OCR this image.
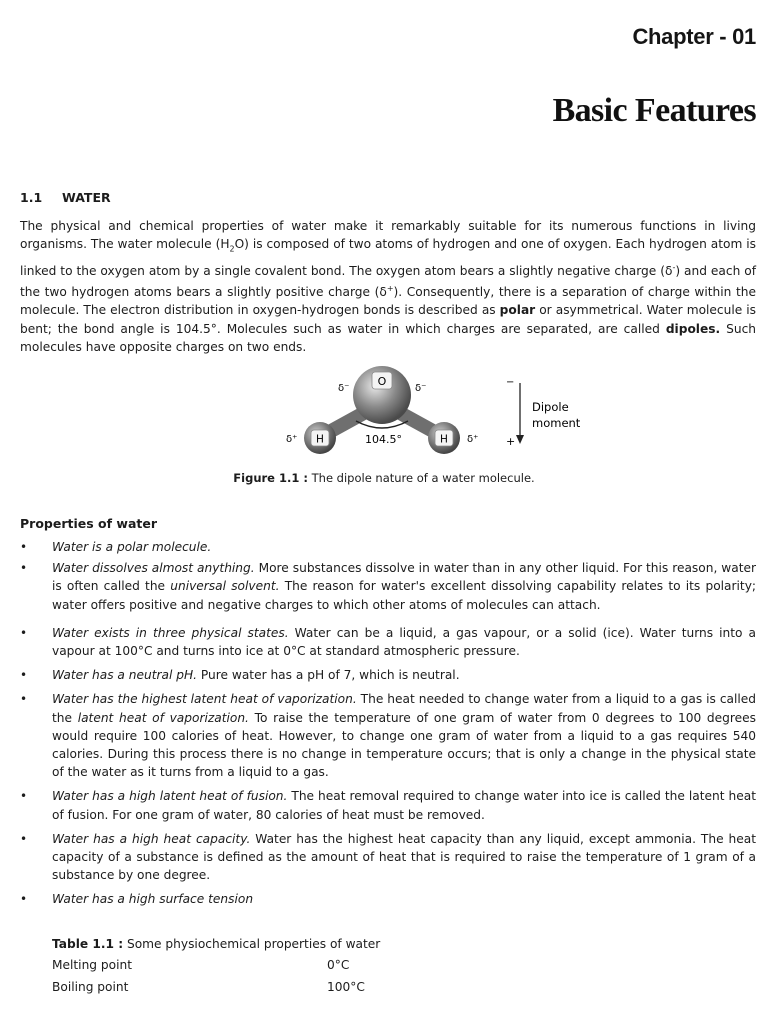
Chapter - 01
Basic Features
1.1 WATER
The physical and chemical properties of water make it remarkably suitable for its numerous functions in living organisms. The water molecule $(H_2O)$ is composed of two atoms of hydrogen and one of oxygen. Each hydrogen atom is linked to the oxygen atom by a single covalent bond. The oxygen atom bears a slightly negative charge (δ-) and each of the two hydrogen atoms bears a slightly positive charge (δ+). Consequently, there is a separation of charge within the molecule. The electron distribution in oxygen-hydrogen bonds is described as polar or asymmetrical. Water molecule is bent; the bond angle is 104.5°. Molecules such as water in which charges are separated, are called dipoles. Such molecules have opposite charges on two ends.
O
H	H
δ⁻	δ⁻
δ⁺	δ⁺
104.5°
−
+
Dipole
moment
Figure 1.1 : The dipole nature of a water molecule.
Properties of water
• Water is a polar molecule.
• Water dissolves almost anything. More substances dissolve in water than in any other liquid. For this reason, water is often called the universal solvent. The reason for water's excellent dissolving capability relates to its polarity; water offers positive and negative charges to which other atoms of molecules can attach.
• Water exists in three physical states. Water can be a liquid, a gas vapour, or a solid (ice). Water turns into a vapour at 100°C and turns into ice at 0°C at standard atmospheric pressure.
• Water has a neutral pH. Pure water has a pH of 7, which is neutral.
• Water has the highest latent heat of vaporization. The heat needed to change water from a liquid to a gas is called the latent heat of vaporization. To raise the temperature of one gram of water from 0 degrees to 100 degrees would require 100 calories of heat. However, to change one gram of water from a liquid to a gas requires 540 calories. During this process there is no change in temperature occurs; that is only a change in the physical state of the water as it turns from a liquid to a gas.
• Water has a high latent heat of fusion. The heat removal required to change water into ice is called the latent heat of fusion. For one gram of water, 80 calories of heat must be removed.
• Water has a high heat capacity. Water has the highest heat capacity than any liquid, except ammonia. The heat capacity of a substance is defined as the amount of heat that is required to raise the temperature of 1 gram of a substance by one degree.
• Water has a high surface tension
Table 1.1 : Some physiochemical properties of water
Melting point	0°C
Boiling point	100°C
